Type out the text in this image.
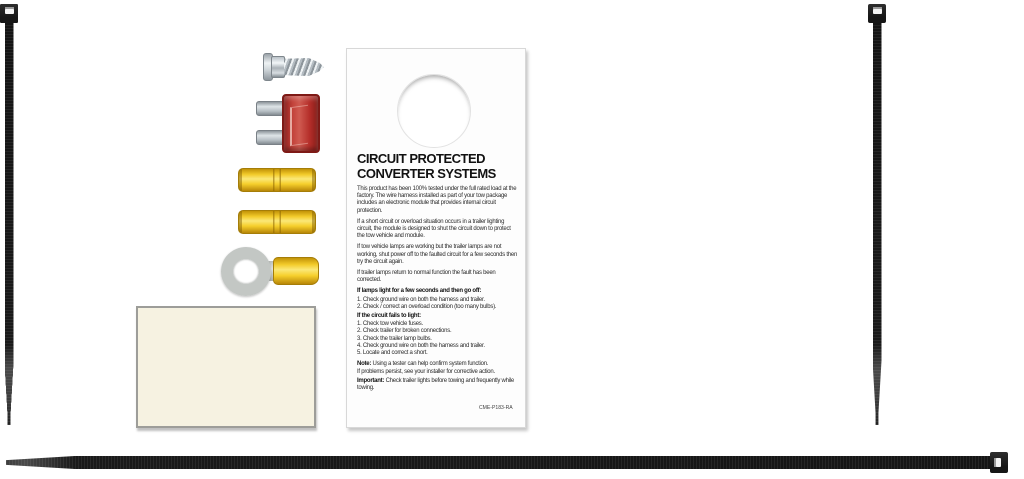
CIRCUIT PROTECTED
CONVERTER SYSTEMS

This product has been 100% tested under the full rated load at the factory. The wire harness installed as part of your tow package includes an electronic module that provides internal circuit protection.

If a short circuit or overload situation occurs in a trailer lighting circuit, the module is designed to shut the circuit down to protect the tow vehicle and module.

If tow vehicle lamps are working but the trailer lamps are not working, shut power off to the faulted circuit for a few seconds then try the circuit again.

If trailer lamps return to normal function the fault has been corrected.

If lamps light for a few seconds and then go off:
1. Check ground wire on both the harness and trailer.
2. Check / correct an overload condition (too many bulbs).
If the circuit fails to light:
1. Check tow vehicle fuses.
2. Check trailer for broken connections.
3. Check the trailer lamp bulbs.
4. Check ground wire on both the harness and trailer.
5. Locate and correct a short.

Note: Using a tester can help confirm system function.

If problems persist, see your installer for corrective action.

Important: Check trailer lights before towing and frequently while towing.

CME-P183-RA
